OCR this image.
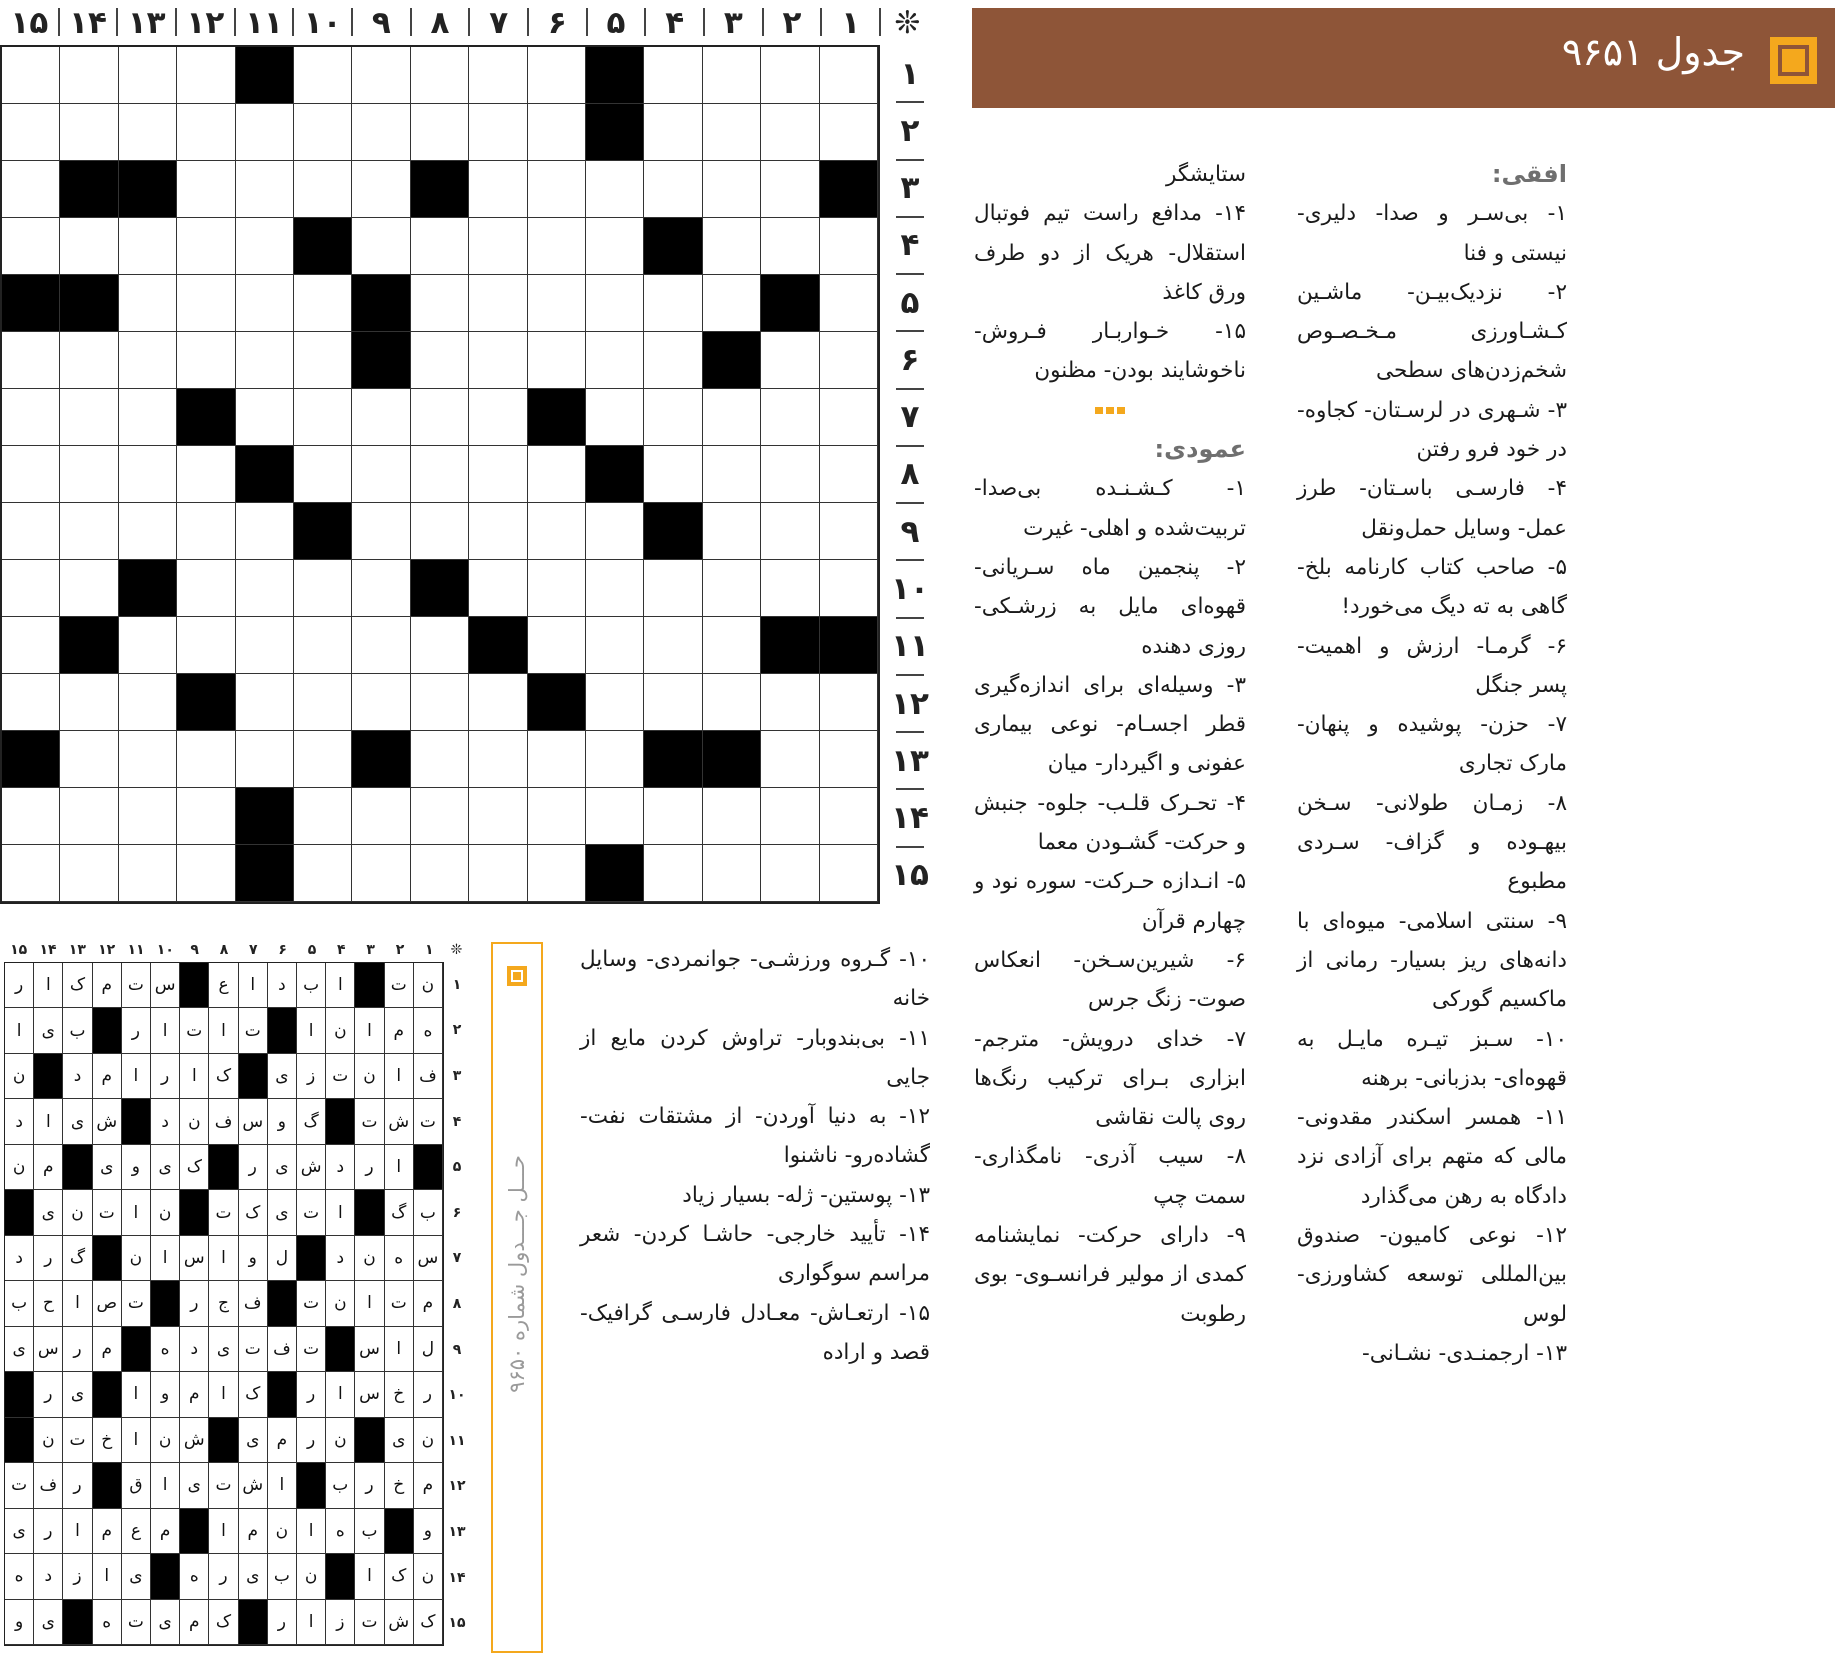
❊
۱
۲
۳
۴
۵
۶
۷
۸
۹
۱۰
۱۱
۱۲
۱۳
۱۴
۱۵
۱
۲
۳
۴
۵
۶
۷
۸
۹
۱۰
۱۱
۱۲
۱۳
۱۴
۱۵
جدول ۹۶۵۱

افقی:

۱- بی‌سـر و صدا- دلیری- نیستی و فنا

۲- نزدیک‌بیـن- ماشـین کـشـاورزی مـخـصـوص شخم‌زدن‌های سطحی

۳- شـهری در لرسـتان- کجاوه- در خود فرو رفتن

۴- فارسـی باسـتان- طرز عمل- وسایل حمل‌ونقل

۵- صاحب کتاب کارنامه بلخ- گاهی به ته دیگ می‌خورد!

۶- گرمـا- ارزش و اهمیت- پسر جنگل

۷- حزن- پوشیده و پنهان- مارک تجاری

۸- زمـان طولانی- سـخن بیهـوده و گزاف- سـردی مطبوع

۹- سنتی اسلامی- میوه‌ای با دانه‌های ریز بسیار- رمانی از ماکسیم گورکی

۱۰- سـبز تیـره مایـل به قهوه‌ای- بدزبانی- برهنه

۱۱- همسر اسکندر مقدونی- مالی که متهم برای آزادی نزد دادگاه به رهن می‌گذارد

۱۲- نوعی کامیون- صندوق بین‌المللی توسعه کشاورزی- لوس

۱۳- ارجمنـدی- نشـانی-

ستایشگر

۱۴- مدافع راست تیم فوتبال استقلال- هریک از دو طرف ورق کاغذ

۱۵- خـواربـار فـروش- ناخوشایند بودن- مظنون

عمودی:

۱- کـشـنـده بی‌صدا- تربیت‌شده و اهلی- غیرت

۲- پنجمین ماه سـریانی- قهوه‌ای مایل به زرشـکی- روزی دهنده

۳- وسیله‌ای برای اندازه‌گیری قطر اجسـام- نوعی بیماری عفونی و اگیردار- میان

۴- تحـرک قلـب- جلوه- جنبش و حرکت- گشـودن معما

۵- انـدازه حـرکت- سوره نود و چهارم قرآن

۶- شیرین‌سـخن- انعکاس صوت- زنگ جرس

۷- خدای درویش- مترجم- ابزاری بـرای ترکیب رنگ‌ها روی پالت نقاشی

۸- سیب آذری- نامگذاری- سمت چپ

۹- دارای حرکت- نمایشنامه کمدی از مولیر فرانسـوی- بوی رطوبت

۱۰- گـروه ورزشـی- جوانمردی- وسایل خانه

۱۱- بی‌بندوبار- تراوش کردن مایع از جایی

۱۲- به دنیا آوردن- از مشتقات نفت- گشاده‌رو- ناشنوا

۱۳- پوستین- ژله- بسیار زیاد

۱۴- تأیید خارجی- حاشـا کردن- شعر مراسم سوگواری

۱۵- ارتعـاش- معـادل فارسـی گرافیک- قصد و اراده

❊
۱
۲
۳
۴
۵
۶
۷
۸
۹
۱۰
۱۱
۱۲
۱۳
۱۴
۱۵
ن
ت
ا
ب
د
ا
ع
س
ت
م
ک
ا
ر
ه
م
ا
ن
ا
ت
ا
ت
ا
ر
ب
ی
ا
ف
ا
ن
ت
ز
ی
ک
ا
ر
ا
م
د
ن
ت
ش
ت
گ
و
س
ف
ن
د
ش
ی
ا
د
ا
ر
د
ش
ی
ر
ک
ی
و
ی
م
ن
ب
گ
ا
ت
ی
ک
ت
ن
ا
ت
ن
ی
س
ه
ن
د
ل
و
ا
س
ا
ن
گ
ر
د
م
ت
ا
ن
ت
ف
ج
ر
ت
ص
ا
ح
ب
ل
ا
س
ت
ف
ت
ی
د
ه
م
ر
س
ی
ر
خ
س
ا
ر
ک
ا
م
و
ا
ی
ر
ن
ی
ن
ر
م
ی
ش
ن
ا
خ
ت
ن
م
خ
ر
ب
ا
ش
ت
ی
ا
ق
ر
ف
ت
و
ب
ه
ا
ن
م
ا
م
ع
م
ا
ر
ی
ن
ک
ا
ن
ب
ی
ر
ه
ی
ا
ز
د
ه
ک
ش
ت
ز
ا
ر
ک
م
ی
ت
ه
ی
و
۱
۲
۳
۴
۵
۶
۷
۸
۹
۱۰
۱۱
۱۲
۱۳
۱۴
۱۵
حـــل جـــدول شماره ۹۶۵۰
